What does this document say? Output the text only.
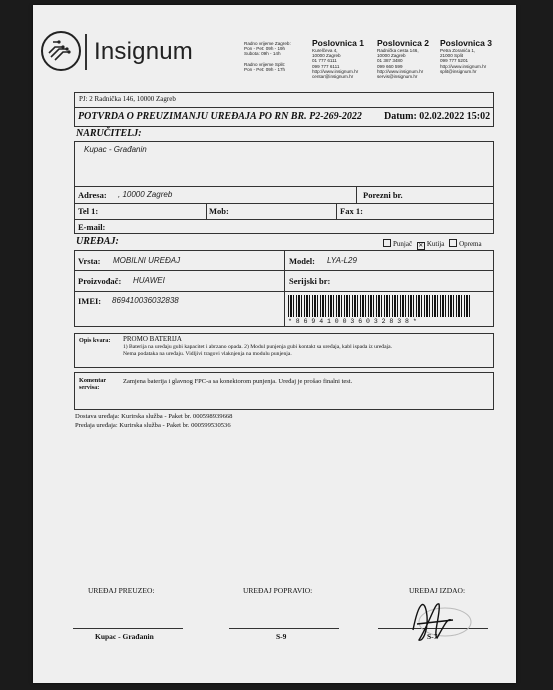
Insignum	Radno vrijeme Zagreb:
Pon - Pet: 09h - 19h
Subota: 09h - 14h
Radno vrijeme Split:
Pon - Pet: 09h - 17h
Poslovnica 1
Kurelčeva 4,
10000 Zagreb
01 777 6111
099 777 6111
http://www.insignum.hr
centar@insignum.hr
Poslovnica 2
Radnička cesta 146,
10000 Zagreb
01 387 3480
099 660 599
http://www.insignum.hr
servis@insignum.hr
Poslovnica 3
Petra Zoranića 1,
21000 Split
099 777 5201
http://www.insignum.hr
split@insignum.hr
PJ: 2 Radnička 146, 10000 Zagreb
POTVRDA O PREUZIMANJU UREĐAJA PO RN BR. P2-269-2022 Datum: 02.02.2022 15:02
NARUČITELJ:
Kupac - Građanin
Adresa: , 10000 Zagreb	Porezni br.
Tel 1:	Mob:	Fax 1:
E-mail:
UREĐAJ:	Punjač ✕ Kutija Oprema
Vrsta: MOBILNI UREĐAJ	Model: LYA-L29
Proizvođač: HUAWEI	Serijski br:
IMEI: 869410036032838
* 8 6 9 4 1 0 0 3 6 0 3 2 8 3 8 *
Opis kvara: PROMO BATERIJA
1) Baterija na uređaju gubi kapacitet i abrzano opada. 2) Modul punjenja gubi kontakt sa uređaja, kabl ispada iz uređaja.
Nema podataka na uređaju. Vidljivi tragovi vlaknjenja na modulu punjenja.
Komentar
servisa:
Zamjena baterija i glavnog FPC-a sa konektorom punjenja. Uređaj je prošao finalni test.
Dostava uređaja: Kurirska služba - Paket br. 000598939668
Predaja uređaja: Kurirska služba - Paket br. 000599530536
UREĐAJ PREUZEO:	UREĐAJ POPRAVIO:	UREĐAJ IZDAO:
Kupac - Građanin	S-9	S-7
